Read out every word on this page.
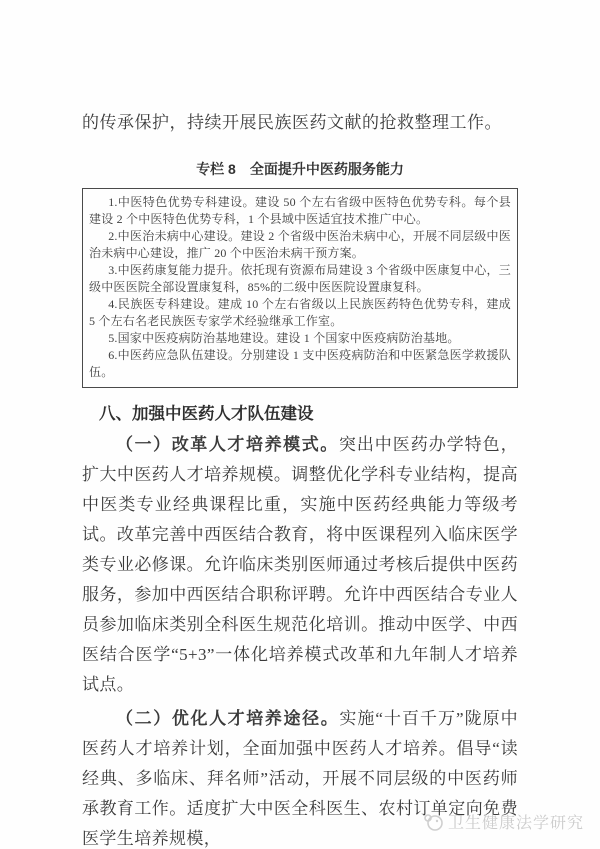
的传承保护，持续开展民族医药文献的抢救整理工作。
专栏 8　全面提升中医药服务能力

1.中医特色优势专科建设。建设 50 个左右省级中医特色优势专科。每个县建设 2 个中医特色优势专科，1 个县域中医适宜技术推广中心。

2.中医治未病中心建设。建设 2 个省级中医治未病中心，开展不同层级中医治未病中心建设，推广 20 个中医治未病干预方案。

3.中医药康复能力提升。依托现有资源布局建设 3 个省级中医康复中心，三级中医医院全部设置康复科，85%的二级中医医院设置康复科。

4.民族医专科建设。建成 10 个左右省级以上民族医药特色优势专科，建成 5 个左右名老民族医专家学术经验继承工作室。

5.国家中医疫病防治基地建设。建设 1 个国家中医疫病防治基地。

6.中医药应急队伍建设。分别建设 1 支中医疫病防治和中医紧急医学救援队伍。

八、加强中医药人才队伍建设

（一）改革人才培养模式。突出中医药办学特色，扩大中医药人才培养规模。调整优化学科专业结构，提高中医类专业经典课程比重，实施中医药经典能力等级考试。改革完善中西医结合教育，将中医课程列入临床医学类专业必修课。允许临床类别医师通过考核后提供中医药服务，参加中西医结合职称评聘。允许中西医结合专业人员参加临床类别全科医生规范化培训。推动中医学、中西医结合医学“5+3”一体化培养模式改革和九年制人才培养试点。

（二）优化人才培养途径。实施“十百千万”陇原中医药人才培养计划，全面加强中医药人才培养。倡导“读经典、多临床、拜名师”活动，开展不同层级的中医药师承教育工作。适度扩大中医全科医生、农村订单定向免费医学生培养规模，

卫生健康法学研究
